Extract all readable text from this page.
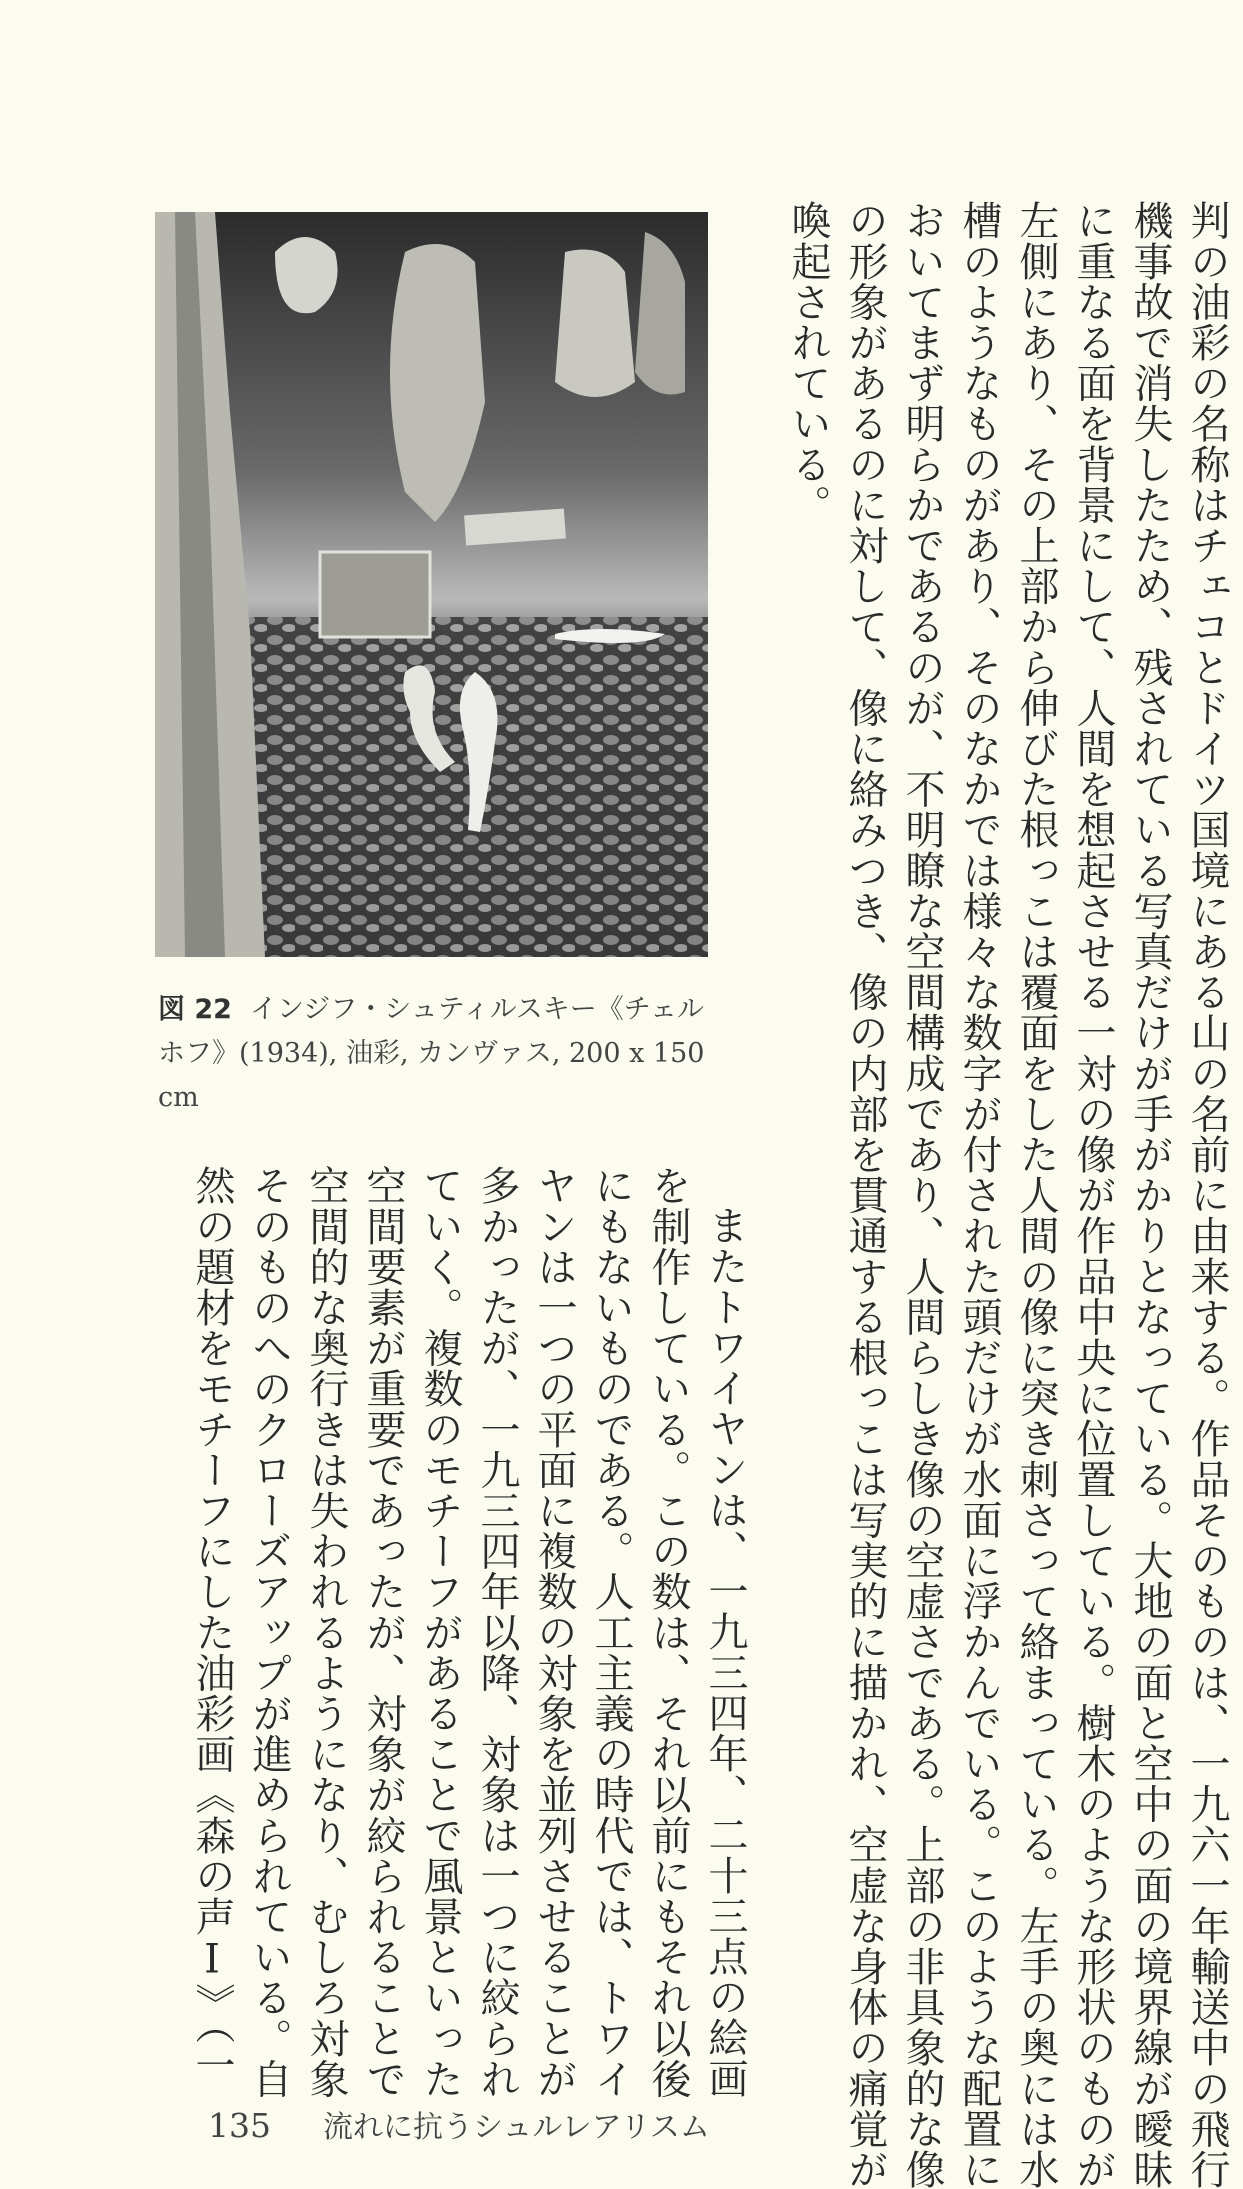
判の油彩の名称はチェコとドイツ国境にある山の名前に由来する。作品そのものは、一九六一年輸送中の飛行
機事故で消失したため、残されている写真だけが手がかりとなっている。大地の面と空中の面の境界線が曖昧
に重なる面を背景にして、人間を想起させる一対の像が作品中央に位置している。樹木のような形状のものが
左側にあり、その上部から伸びた根っこは覆面をした人間の像に突き刺さって絡まっている。左手の奥には水
槽のようなものがあり、そのなかでは様々な数字が付された頭だけが水面に浮かんでいる。このような配置に
おいてまず明らかであるのが、不明瞭な空間構成であり、人間らしき像の空虚さである。上部の非具象的な像
の形象があるのに対して、像に絡みつき、像の内部を貫通する根っこは写実的に描かれ、空虚な身体の痛覚が
喚起されている。
図 22 インジフ・シュティルスキー《チェル
ホフ》(1934), 油彩, カンヴァス, 200 x 150 cm
またトワイヤンは、一九三四年、二十三点の絵画
を制作している。この数は、それ以前にもそれ以後
にもないものである。人工主義の時代では、トワイ
ヤンは一つの平面に複数の対象を並列させることが
多かったが、一九三四年以降、対象は一つに絞られ
ていく。複数のモチーフがあることで風景といった
空間要素が重要であったが、対象が絞られることで
空間的な奥行きは失われるようになり、むしろ対象
そのものへのクローズアップが進められている。自
然の題材をモチーフにした油彩画《森の声Ⅰ》（一
135 流れに抗うシュルレアリスム
